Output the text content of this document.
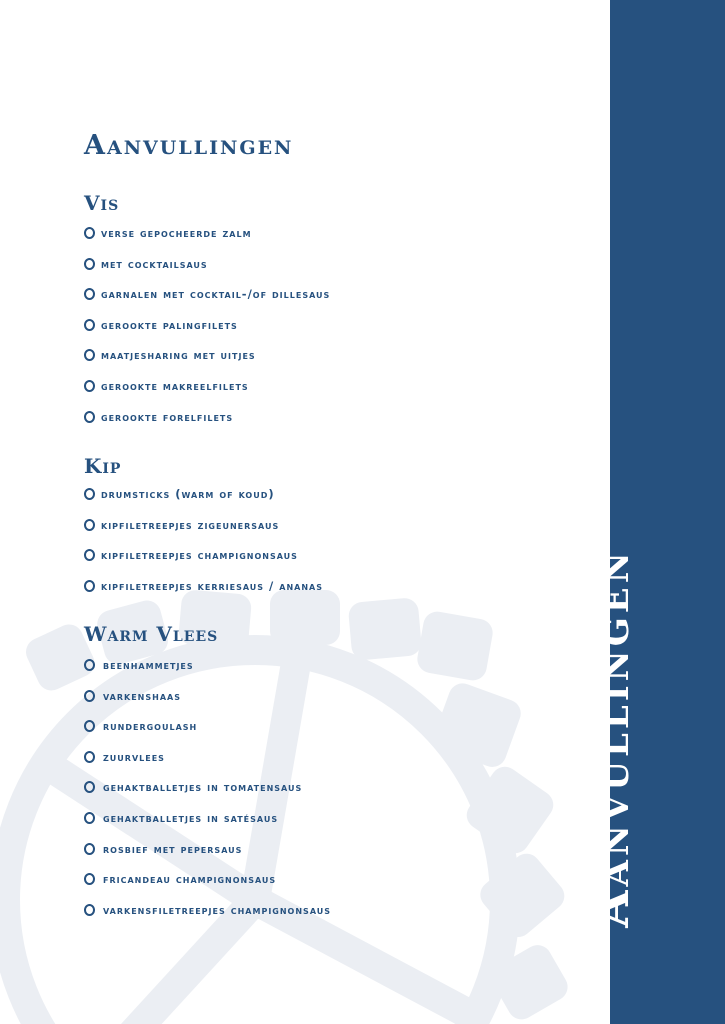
Aanvullingen
Aanvullingen
Vis
verse gepocheerde zalm
met cocktailsaus
garnalen met cocktail-/of dillesaus
gerookte palingfilets
maatjesharing met uitjes
gerookte makreelfilets
gerookte forelfilets
Kip
drumsticks (warm of koud)
kipfiletreepjes zigeunersaus
kipfiletreepjes champignonsaus
kipfiletreepjes kerriesaus / ananas
Warm Vlees
beenhammetjes
varkenshaas
rundergoulash
zuurvlees
gehaktballetjes in tomatensaus
gehaktballetjes in satésaus
rosbief met pepersaus
fricandeau champignonsaus
varkensfiletreepjes champignonsaus
